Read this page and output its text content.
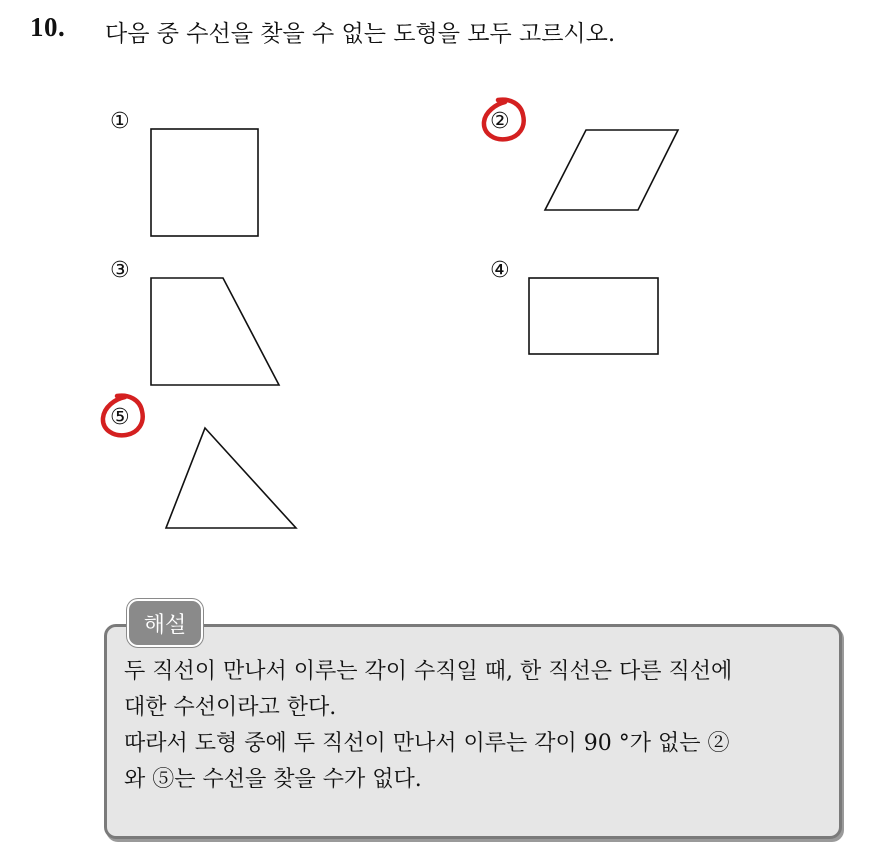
10. 다음 중 수선을 찾을 수 없는 도형을 모두 고르시오.
①	②
③	④
⑤
해설
두 직선이 만나서 이루는 각이 수직일 때, 한 직선은 다른 직선에
대한 수선이라고 한다.
따라서 도형 중에 두 직선이 만나서 이루는 각이 90 °가 없는 ②
와 ⑤는 수선을 찾을 수가 없다.
